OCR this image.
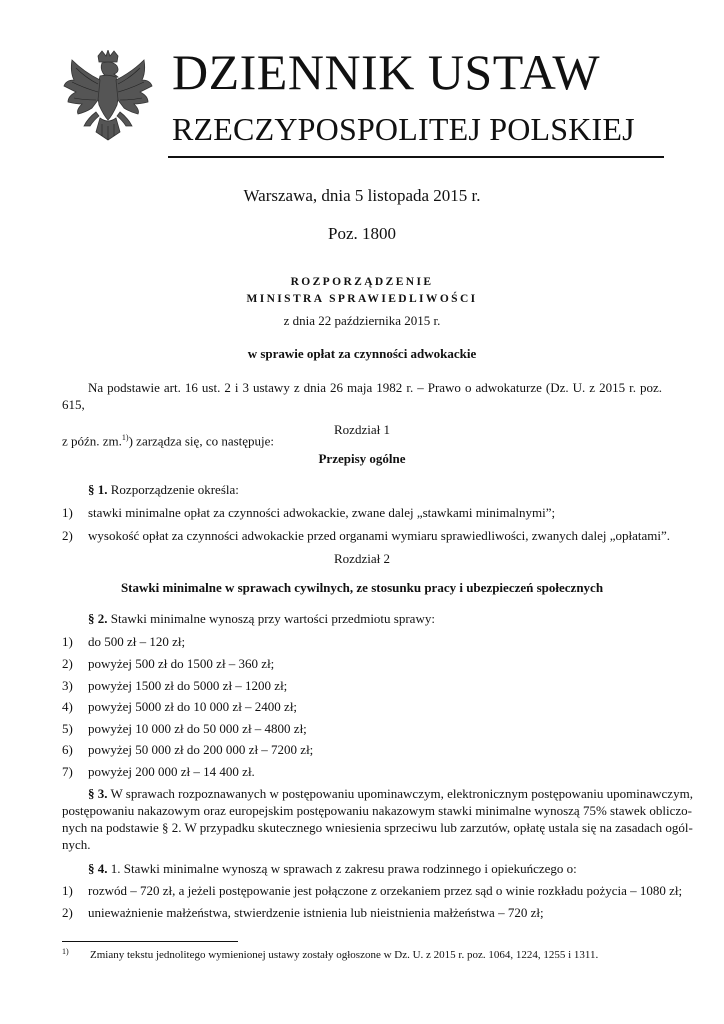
DZIENNIK USTAW
RZECZYPOSPOLITEJ POLSKIEJ
Warszawa, dnia 5 listopada 2015 r.
Poz. 1800
ROZPORZĄDZENIE
MINISTRA SPRAWIEDLIWOŚCI
z dnia 22 października 2015 r.
w sprawie opłat za czynności adwokackie
Na podstawie art. 16 ust. 2 i 3 ustawy z dnia 26 maja 1982 r. – Prawo o adwokaturze (Dz. U. z 2015 r. poz. 615,
z późn. zm.$^{1)}$) zarządza się, co następuje:
Rozdział 1
Przepisy ogólne
§ 1. Rozporządzenie określa:
1) stawki minimalne opłat za czynności adwokackie, zwane dalej „stawkami minimalnymi”;
2) wysokość opłat za czynności adwokackie przed organami wymiaru sprawiedliwości, zwanych dalej „opłatami”.
Rozdział 2
Stawki minimalne w sprawach cywilnych, ze stosunku pracy i ubezpieczeń społecznych
§ 2. Stawki minimalne wynoszą przy wartości przedmiotu sprawy:
1) do 500 zł – 120 zł;
2) powyżej 500 zł do 1500 zł – 360 zł;
3) powyżej 1500 zł do 5000 zł – 1200 zł;
4) powyżej 5000 zł do 10 000 zł – 2400 zł;
5) powyżej 10 000 zł do 50 000 zł – 4800 zł;
6) powyżej 50 000 zł do 200 000 zł – 7200 zł;
7) powyżej 200 000 zł – 14 400 zł.
§ 3. W sprawach rozpoznawanych w postępowaniu upominawczym, elektronicznym postępowaniu upominawczym,
postępowaniu nakazowym oraz europejskim postępowaniu nakazowym stawki minimalne wynoszą 75% stawek obliczo-
nych na podstawie § 2. W przypadku skutecznego wniesienia sprzeciwu lub zarzutów, opłatę ustala się na zasadach ogól-
nych.
§ 4. 1. Stawki minimalne wynoszą w sprawach z zakresu prawa rodzinnego i opiekuńczego o:
1) rozwód – 720 zł, a jeżeli postępowanie jest połączone z orzekaniem przez sąd o winie rozkładu pożycia – 1080 zł;
2) unieważnienie małżeństwa, stwierdzenie istnienia lub nieistnienia małżeństwa – 720 zł;
$^{1)}$ Zmiany tekstu jednolitego wymienionej ustawy zostały ogłoszone w Dz. U. z 2015 r. poz. 1064, 1224, 1255 i 1311.
